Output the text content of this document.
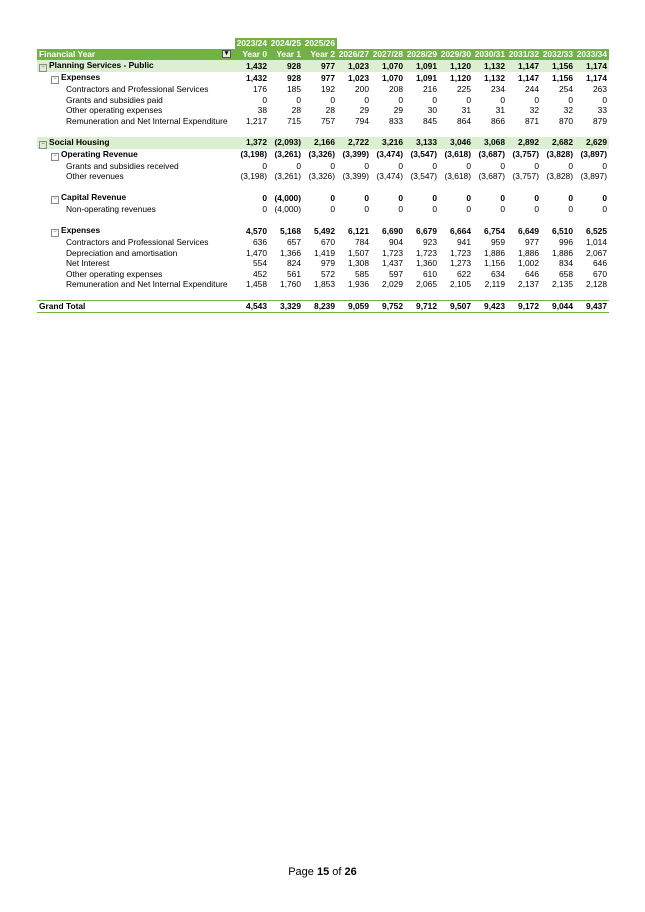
	2023/24	2024/25	2025/26								
Financial Year ▾	Year 0	Year 1	Year 2	2026/27	2027/28	2028/29	2029/30	2030/31	2031/32	2032/33	2033/34
− Planning Services - Public	1,432	928	977	1,023	1,070	1,091	1,120	1,132	1,147	1,156	1,174
− Expenses	1,432	928	977	1,023	1,070	1,091	1,120	1,132	1,147	1,156	1,174
Contractors and Professional Services	176	185	192	200	208	216	225	234	244	254	263
Grants and subsidies paid	0	0	0	0	0	0	0	0	0	0	0
Other operating expenses	38	28	28	29	29	30	31	31	32	32	33
Remuneration and Net Internal Expenditure	1,217	715	757	794	833	845	864	866	871	870	879

− Social Housing	1,372	(2,093)	2,166	2,722	3,216	3,133	3,046	3,068	2,892	2,682	2,629
− Operating Revenue	(3,198)	(3,261)	(3,326)	(3,399)	(3,474)	(3,547)	(3,618)	(3,687)	(3,757)	(3,828)	(3,897)
Grants and subsidies received	0	0	0	0	0	0	0	0	0	0	0
Other revenues	(3,198)	(3,261)	(3,326)	(3,399)	(3,474)	(3,547)	(3,618)	(3,687)	(3,757)	(3,828)	(3,897)

− Capital Revenue	0	(4,000)	0	0	0	0	0	0	0	0	0
Non-operating revenues	0	(4,000)	0	0	0	0	0	0	0	0	0

− Expenses	4,570	5,168	5,492	6,121	6,690	6,679	6,664	6,754	6,649	6,510	6,525
Contractors and Professional Services	636	657	670	784	904	923	941	959	977	996	1,014
Depreciation and amortisation	1,470	1,366	1,419	1,507	1,723	1,723	1,723	1,886	1,886	1,886	2,067
Net Interest	554	824	979	1,308	1,437	1,360	1,273	1,156	1,002	834	646
Other operating expenses	452	561	572	585	597	610	622	634	646	658	670
Remuneration and Net Internal Expenditure	1,458	1,760	1,853	1,936	2,029	2,065	2,105	2,119	2,137	2,135	2,128

Grand Total	4,543	3,329	8,239	9,059	9,752	9,712	9,507	9,423	9,172	9,044	9,437
Page 15 of 26
